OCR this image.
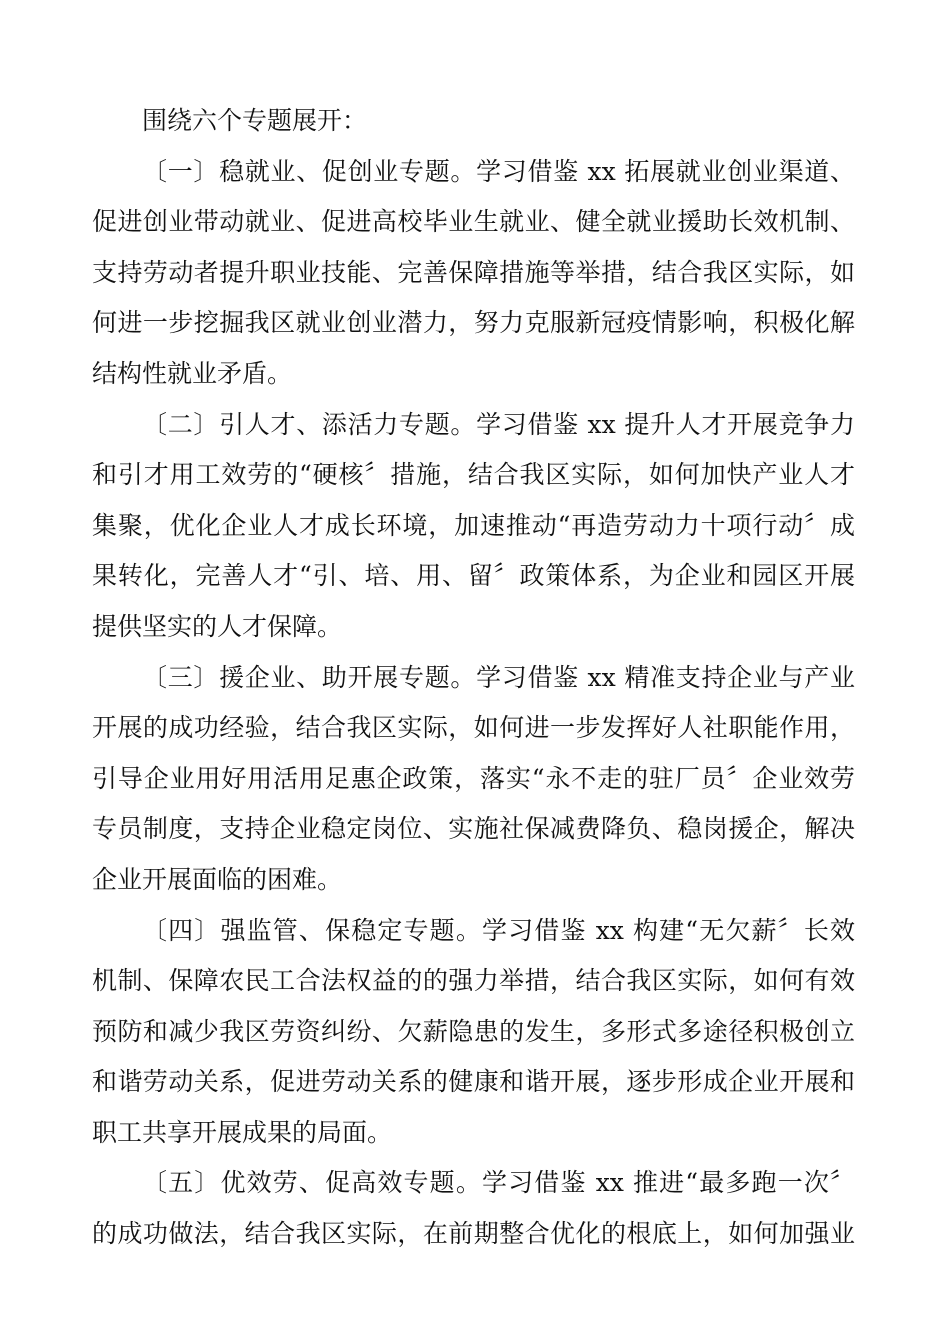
围绕六个专题展开：
〔一〕稳就业、促创业专题。学习借鉴 xx 拓展就业创业渠道、
促进创业带动就业、促进高校毕业生就业、健全就业援助长效机制、
支持劳动者提升职业技能、完善保障措施等举措，结合我区实际，如
何进一步挖掘我区就业创业潜力，努力克服新冠疫情影响，积极化解
结构性就业矛盾。
〔二〕引人才、添活力专题。学习借鉴 xx 提升人才开展竞争力
和引才用工效劳的“硬核〞措施，结合我区实际，如何加快产业人才
集聚，优化企业人才成长环境，加速推动“再造劳动力十项行动〞成
果转化，完善人才“引、培、用、留〞政策体系，为企业和园区开展
提供坚实的人才保障。
〔三〕援企业、助开展专题。学习借鉴 xx 精准支持企业与产业
开展的成功经验，结合我区实际，如何进一步发挥好人社职能作用，
引导企业用好用活用足惠企政策，落实“永不走的驻厂员〞企业效劳
专员制度，支持企业稳定岗位、实施社保减费降负、稳岗援企，解决
企业开展面临的困难。
〔四〕强监管、保稳定专题。学习借鉴 xx 构建“无欠薪〞长效
机制、保障农民工合法权益的的强力举措，结合我区实际，如何有效
预防和减少我区劳资纠纷、欠薪隐患的发生，多形式多途径积极创立
和谐劳动关系，促进劳动关系的健康和谐开展，逐步形成企业开展和
职工共享开展成果的局面。
〔五〕优效劳、促高效专题。学习借鉴 xx 推进“最多跑一次〞
的成功做法，结合我区实际，在前期整合优化的根底上，如何加强业
